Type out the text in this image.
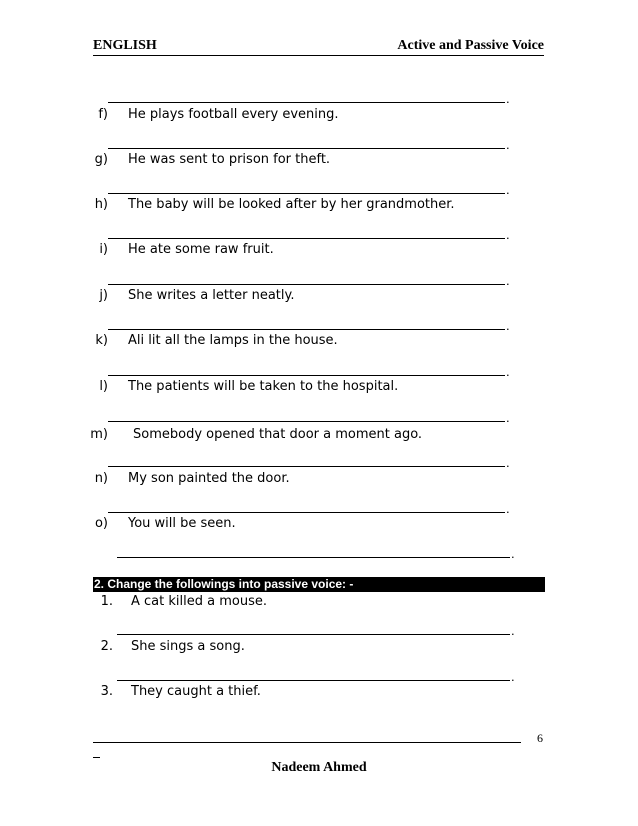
ENGLISH	Active and Passive Voice
.
f) He plays football every evening.
.
g) He was sent to prison for theft.
.
h) The baby will be looked after by her grandmother.
.
i) He ate some raw fruit.
.
j) She writes a letter neatly.
.
k) Ali lit all the lamps in the house.
.
l) The patients will be taken to the hospital.
.
m) Somebody opened that door a moment ago.
.
n) My son painted the door.
.
o) You will be seen.
.
2. Change the followings into passive voice: -
1. A cat killed a mouse.
.
2. She sings a song.
.
3. They caught a thief.
6
Nadeem Ahmed
